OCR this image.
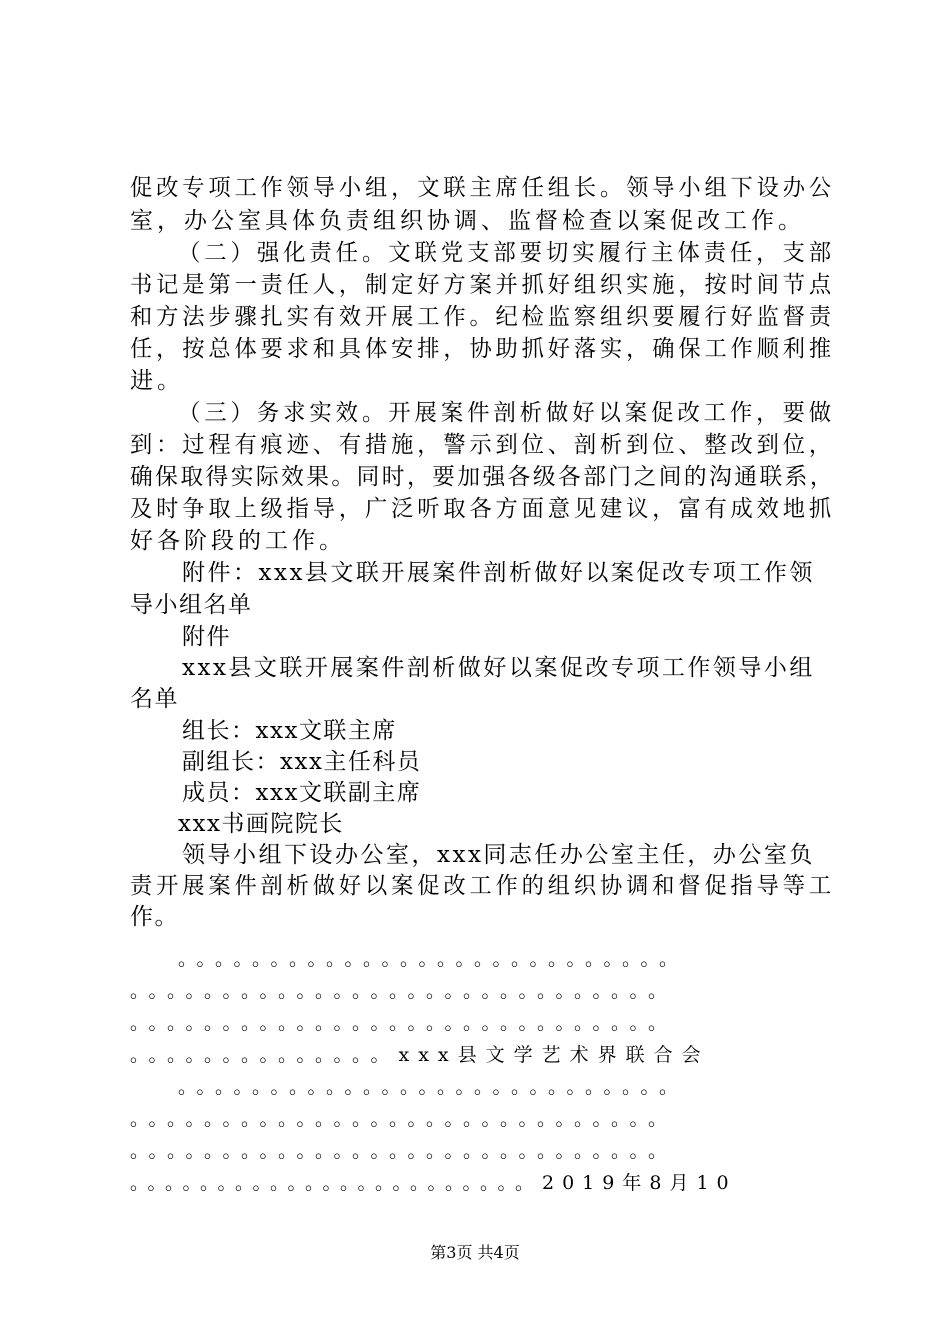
促改专项工作领导小组，文联主席任组长。领导小组下设办公
室，办公室具体负责组织协调、监督检查以案促改工作。
（二）强化责任。文联党支部要切实履行主体责任，支部
书记是第一责任人，制定好方案并抓好组织实施，按时间节点
和方法步骤扎实有效开展工作。纪检监察组织要履行好监督责
任，按总体要求和具体安排，协助抓好落实，确保工作顺利推
进。
（三）务求实效。开展案件剖析做好以案促改工作，要做
到：过程有痕迹、有措施，警示到位、剖析到位、整改到位，
确保取得实际效果。同时，要加强各级各部门之间的沟通联系，
及时争取上级指导，广泛听取各方面意见建议，富有成效地抓
好各阶段的工作。
附件：xxx县文联开展案件剖析做好以案促改专项工作领
导小组名单
附件
xxx县文联开展案件剖析做好以案促改专项工作领导小组
名单
组长：xxx文联主席
副组长：xxx主任科员
成员：xxx文联副主席
xxx书画院院长
领导小组下设办公室，xxx同志任办公室主任，办公室负
责开展案件剖析做好以案促改工作的组织协调和督促指导等工
作。
。。。。。。。。。。。。。。。。。。。。。。。。。。。
。。。。。。。。。。。。。。。。。。。。。。。。。。。。。
。。。。。。。。。。。。。。。。。。。。。。。。。。。。。
。。。。。。。。。。。。。。xxx县文学艺术界联合会
。。。。。。。。。。。。。。。。。。。。。。。。。。。
。。。。。。。。。。。。。。。。。。。。。。。。。。。。。
。。。。。。。。。。。。。。。。。。。。。。。。。。。。。
。。。。。。。。。。。。。。。。。。。。。。。2019年8月10
第3页 共4页
